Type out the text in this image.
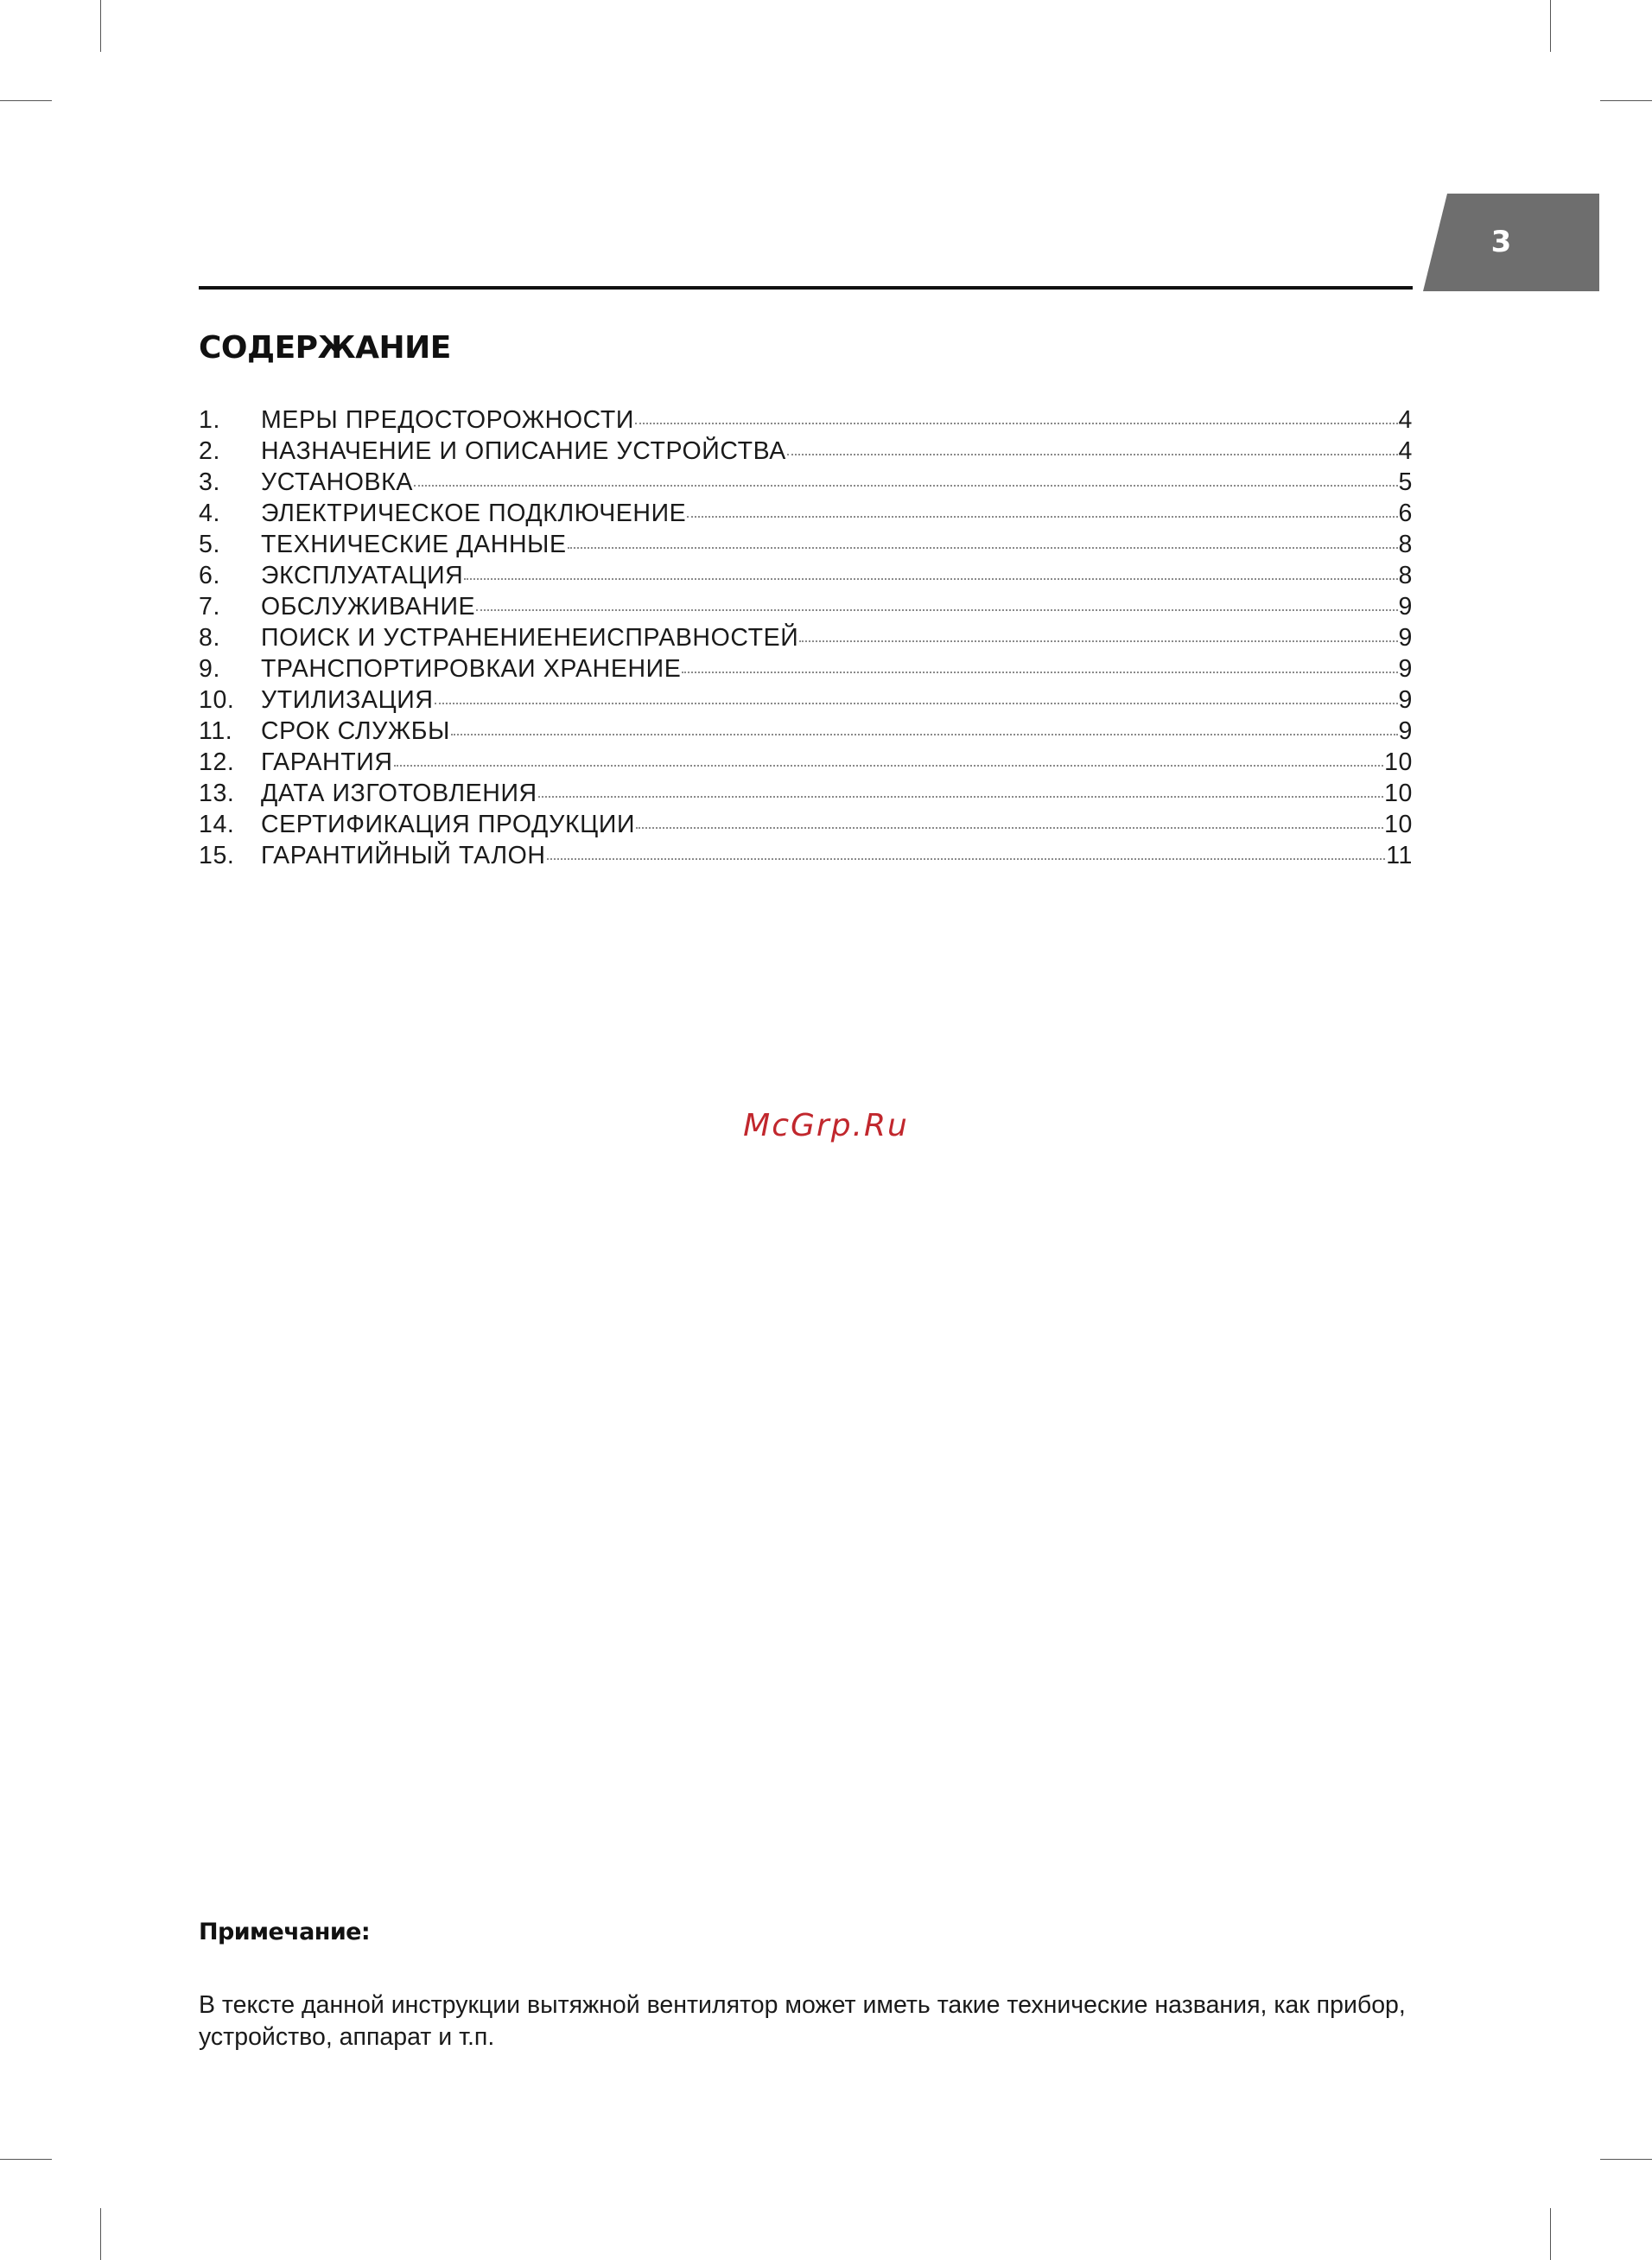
3
СОДЕРЖАНИЕ
1.	МЕРЫ ПРЕДОСТОРОЖНОСТИ	4
2.	НАЗНАЧЕНИЕ И ОПИСАНИЕ УСТРОЙСТВА	4
3.	УСТАНОВКА	5
4.	ЭЛЕКТРИЧЕСКОЕ ПОДКЛЮЧЕНИЕ	6
5.	ТЕХНИЧЕСКИЕ ДАННЫЕ	8
6.	ЭКСПЛУАТАЦИЯ	8
7.	ОБСЛУЖИВАНИЕ	9
8.	ПОИСК И УСТРАНЕНИЕНЕИСПРАВНОСТЕЙ	9
9.	ТРАНСПОРТИРОВКАИ ХРАНЕНИЕ	9
10.	УТИЛИЗАЦИЯ	9
11.	СРОК СЛУЖБЫ	9
12.	ГАРАНТИЯ	10
13.	ДАТА ИЗГОТОВЛЕНИЯ	10
14.	СЕРТИФИКАЦИЯ ПРОДУКЦИИ	10
15.	ГАРАНТИЙНЫЙ ТАЛОН	11
McGrp.Ru
Примечание:

В тексте данной инструкции вытяжной вентилятор может иметь такие технические названия, как прибор, устройство, аппарат и т.п.
